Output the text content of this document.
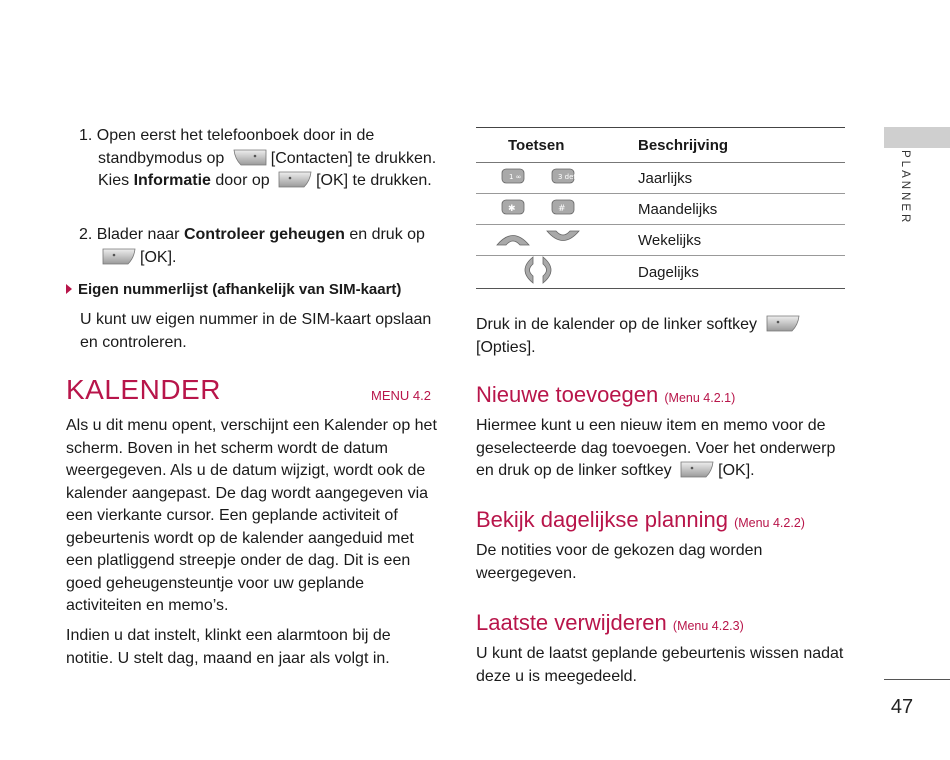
1. Open eerst het telefoonboek door in de standbymodus op	[Contacten] te drukken. Kies Informatie door op	[OK] te drukken.

2. Blader naar Controleer geheugen en druk op

[OK].

Eigen nummerlijst (afhankelijk van SIM-kaart)
U kunt uw eigen nummer in de SIM-kaart opslaan en controleren.
KALENDER	MENU 4.2
Als u dit menu opent, verschijnt een Kalender op het scherm. Boven in het scherm wordt de datum weergegeven. Als u de datum wijzigt, wordt ook de kalender aangepast. De dag wordt aangegeven via een vierkante cursor. Een geplande activiteit of gebeurtenis wordt op de kalender aangeduid met een platliggend streepje onder de dag. Dit is een goed geheugensteuntje voor uw geplande activiteiten en memo’s.
Indien u dat instelt, klinkt een alarmtoon bij de notitie. U stelt dag, maand en jaar als volgt in.
Toetsen	Beschrijving

1 ∞ 3 def	Jaarlijks

✱ #	Maandelijks

	Wekelijks

	Dagelijks
Druk in de kalender op de linker softkey

[Opties].
Nieuwe toevoegen (Menu 4.2.1)
Hiermee kunt u een nieuw item en memo voor de geselecteerde dag toevoegen. Voer het onderwerp en druk op de linker softkey	[OK].
Bekijk dagelijkse planning (Menu 4.2.2)
De notities voor de gekozen dag worden weergegeven.
Laatste verwijderen (Menu 4.2.3)
U kunt de laatst geplande gebeurtenis wissen nadat deze u is meegedeeld.
PLANNER
47
